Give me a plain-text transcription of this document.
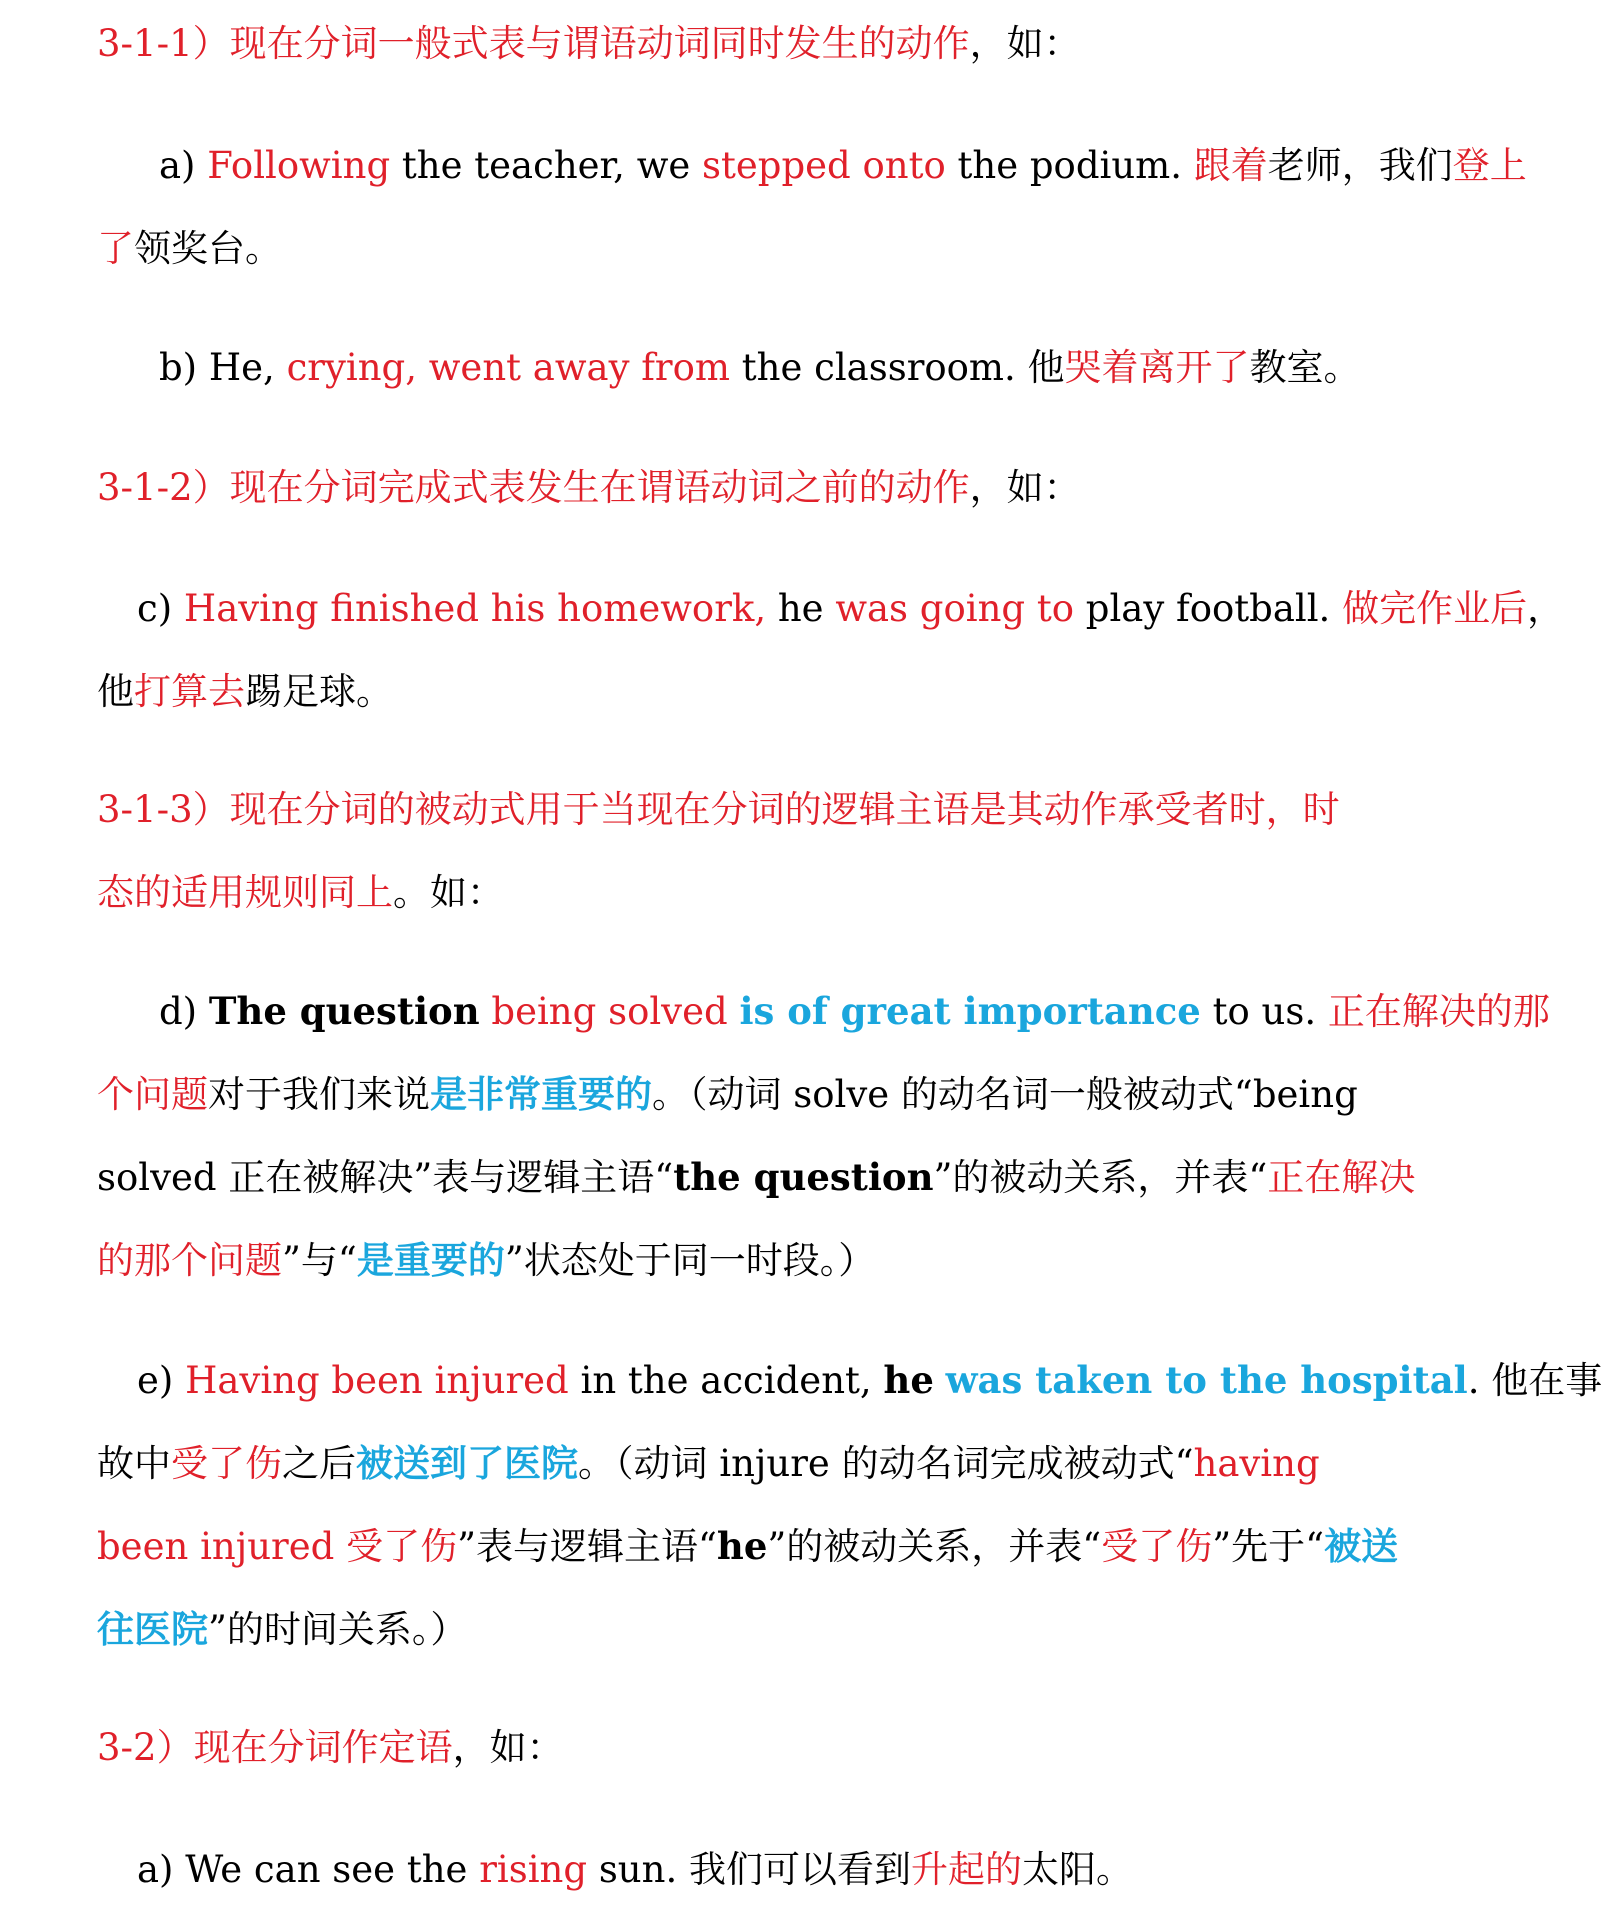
3-1-1）现在分词一般式表与谓语动词同时发生的动作，如：
a) Following the teacher, we stepped onto the podium. 跟着老师，我们登上
了领奖台。
b) He, crying, went away from the classroom. 他哭着离开了教室。
3-1-2）现在分词完成式表发生在谓语动词之前的动作，如：
c) Having finished his homework, he was going to play football. 做完作业后，
他打算去踢足球。
3-1-3）现在分词的被动式用于当现在分词的逻辑主语是其动作承受者时，时
态的适用规则同上。如：
d) The question being solved is of great importance to us. 正在解决的那
个问题对于我们来说是非常重要的。（动词 solve 的动名词一般被动式“being
solved 正在被解决”表与逻辑主语“the question”的被动关系，并表“正在解决
的那个问题”与“是重要的”状态处于同一时段。）
e) Having been injured in the accident, he was taken to the hospital. 他在事
故中受了伤之后被送到了医院。（动词 injure 的动名词完成被动式“having
been injured 受了伤”表与逻辑主语“he”的被动关系，并表“受了伤”先于“被送
往医院”的时间关系。）
3-2）现在分词作定语，如：
a) We can see the rising sun. 我们可以看到升起的太阳。
